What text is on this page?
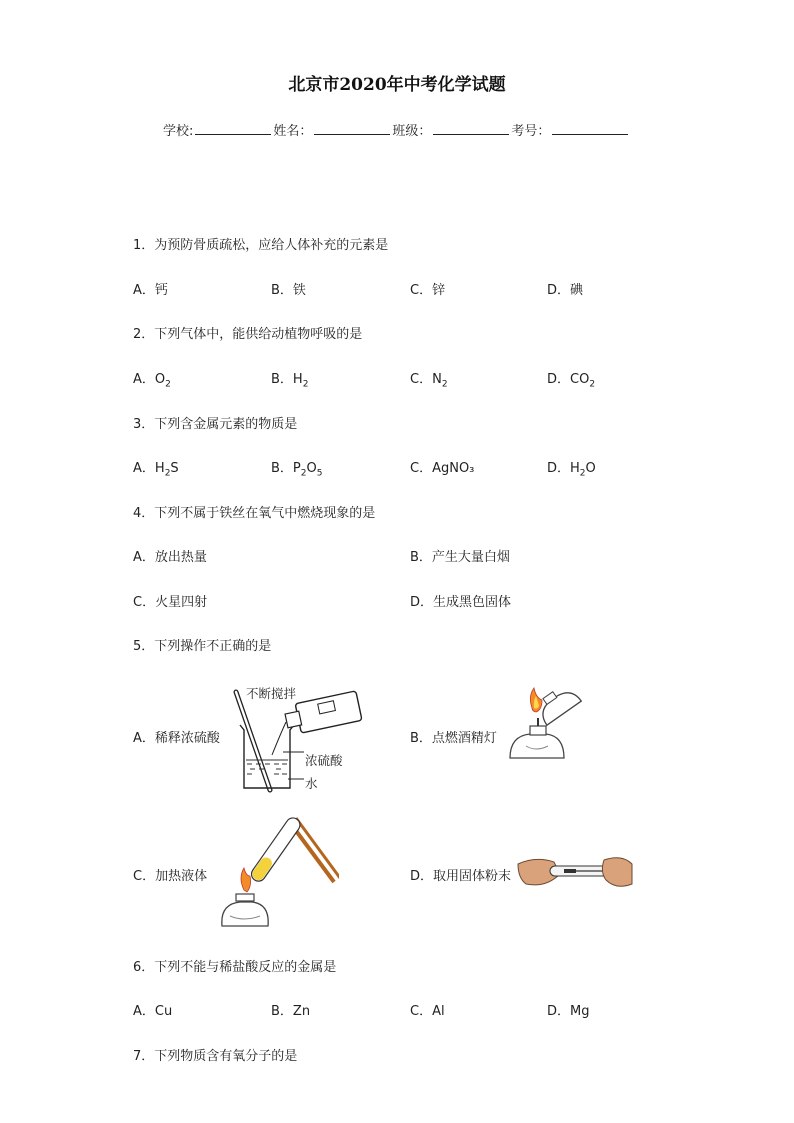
北京市2020年中考化学试题
学校:	姓名：	班级：	考号：
1．为预防骨质疏松，应给人体补充的元素是
A．钙	B．铁	C．锌	D．碘
2．下列气体中，能供给动植物呼吸的是
A．$O_2$	B．$H_2$	C．$N_2$	D．$CO_2$
3．下列含金属元素的物质是
A．$H_2S$	B．$P_2O_5$	C．AgNO₃	D．$H_2O$
4．下列不属于铁丝在氧气中燃烧现象的是
A．放出热量	B．产生大量白烟
C．火星四射	D．生成黑色固体
5．下列操作不正确的是
A．稀释浓硫酸
不断搅拌
浓硫酸
水
B．点燃酒精灯
C．加热液体	D．取用固体粉末
6．下列不能与稀盐酸反应的金属是
A．Cu	B．Zn	C．Al	D．Mg
7．下列物质含有氧分子的是
